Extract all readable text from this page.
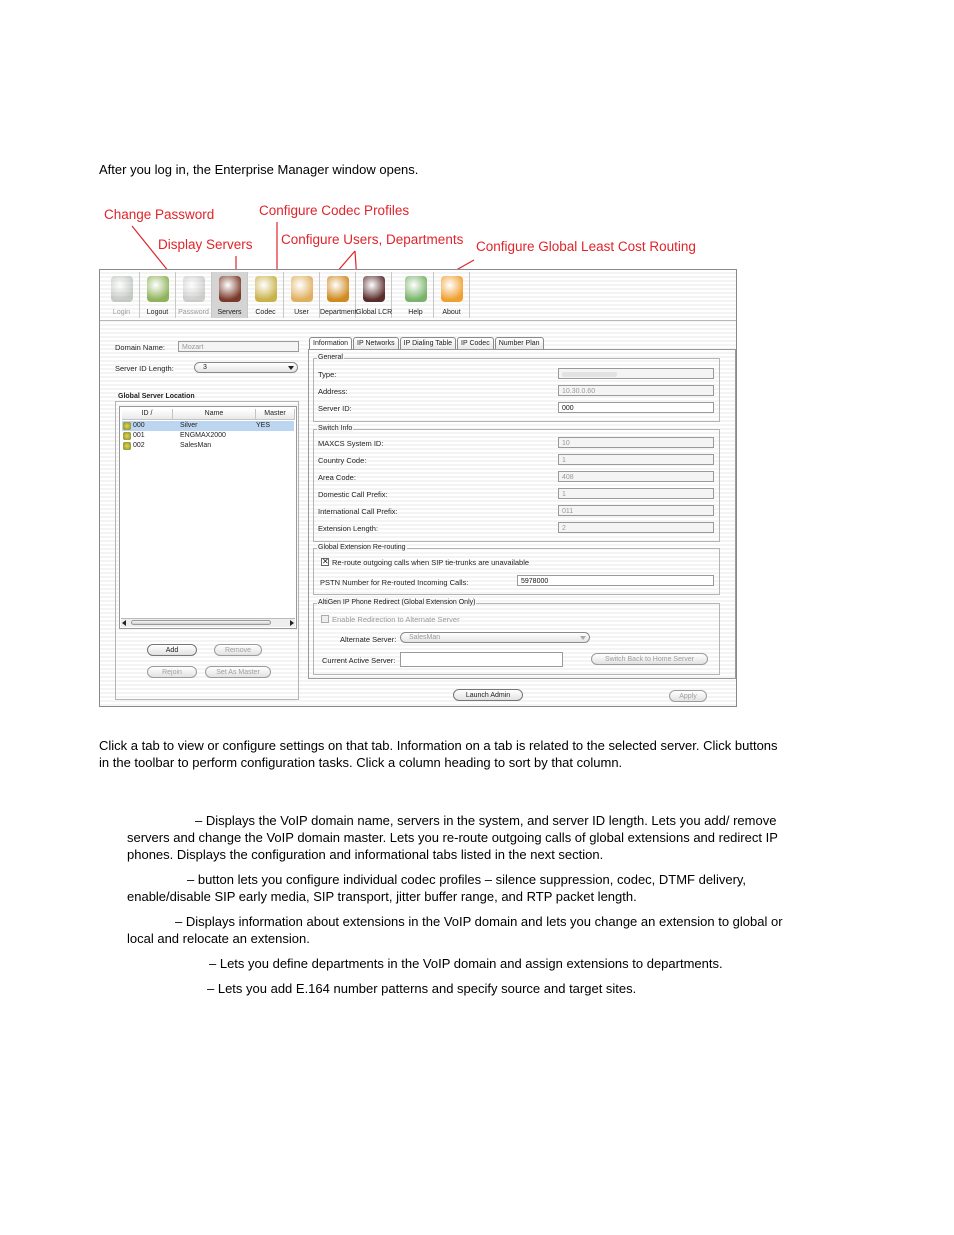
After you log in, the Enterprise Manager window opens.
Change Password
Display Servers
Configure Codec Profiles
Configure Users, Departments Configure Global Least Cost Routing
Login	Logout	Password	Servers	Codec	User	Department Global LCR	Help	About
Domain Name:	Mozart
Server ID Length:	3
Global Server Location
ID /	Name	Master
000	Silver	YES
001	ENGMAX2000
002	SalesMan
Add	Remove
Rejoin	Set As Master
Information	IP Networks	IP Dialing Table	IP Codec	Number Plan
General
Type:
Address:	10.30.0.60
Server ID:	000
Switch Info
MAXCS System ID:	10
Country Code:	1
Area Code:	408
Domestic Call Prefix:	1
International Call Prefix:	011
Extension Length:	2
Global Extension Re-routing
✕ Re-route outgoing calls when SIP tie-trunks are unavailable
PSTN Number for Re-routed Incoming Calls:	5978000
AltiGen IP Phone Redirect (Global Extension Only)
Enable Redirection to Alternate Server
Alternate Server:	SalesMan
Current Active Server:	Switch Back to Home Server
Launch Admin	Apply
Click a tab to view or configure settings on that tab. Information on a tab is related to the selected server. Click buttons in the toolbar to perform configuration tasks. Click a column heading to sort by that column.
– Displays the VoIP domain name, servers in the system, and server ID length. Lets you add/ remove servers and change the VoIP domain master. Lets you re-route outgoing calls of global extensions and redirect IP phones. Displays the configuration and informational tabs listed in the next section.
– button lets you configure individual codec profiles – silence suppression, codec, DTMF delivery, enable/disable SIP early media, SIP transport, jitter buffer range, and RTP packet length.
– Displays information about extensions in the VoIP domain and lets you change an extension to global or local and relocate an extension.
– Lets you define departments in the VoIP domain and assign extensions to departments.
– Lets you add E.164 number patterns and specify source and target sites.
